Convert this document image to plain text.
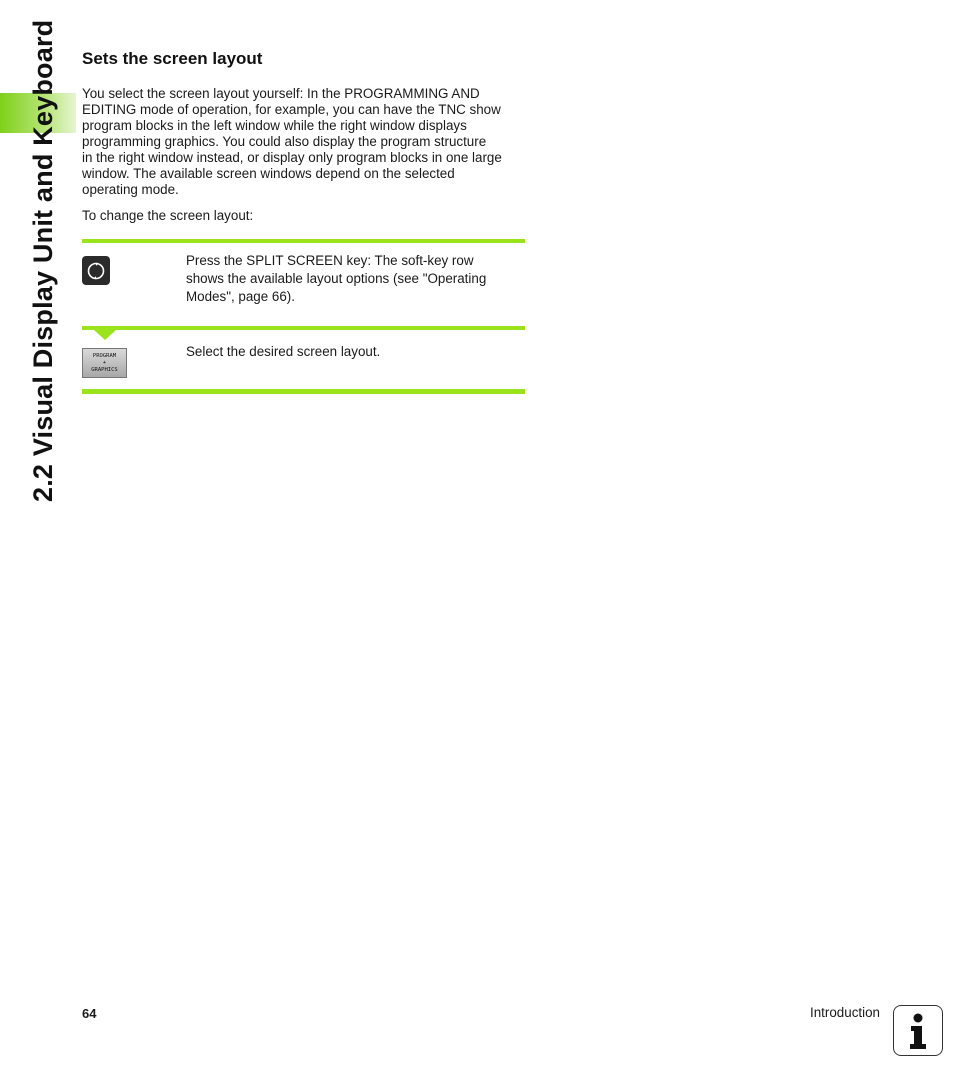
2.2 Visual Display Unit and Keyboard Sets the screen layout
You select the screen layout yourself: In the PROGRAMMING AND
EDITING mode of operation, for example, you can have the TNC show
program blocks in the left window while the right window displays
programming graphics. You could also display the program structure
in the right window instead, or display only program blocks in one large
window. The available screen windows depend on the selected
operating mode.
To change the screen layout:
Press the SPLIT SCREEN key: The soft-key row
shows the available layout options (see "Operating
Modes", page 66).
PROGRAM
+
GRAPHICS
Select the desired screen layout.
64	Introduction
